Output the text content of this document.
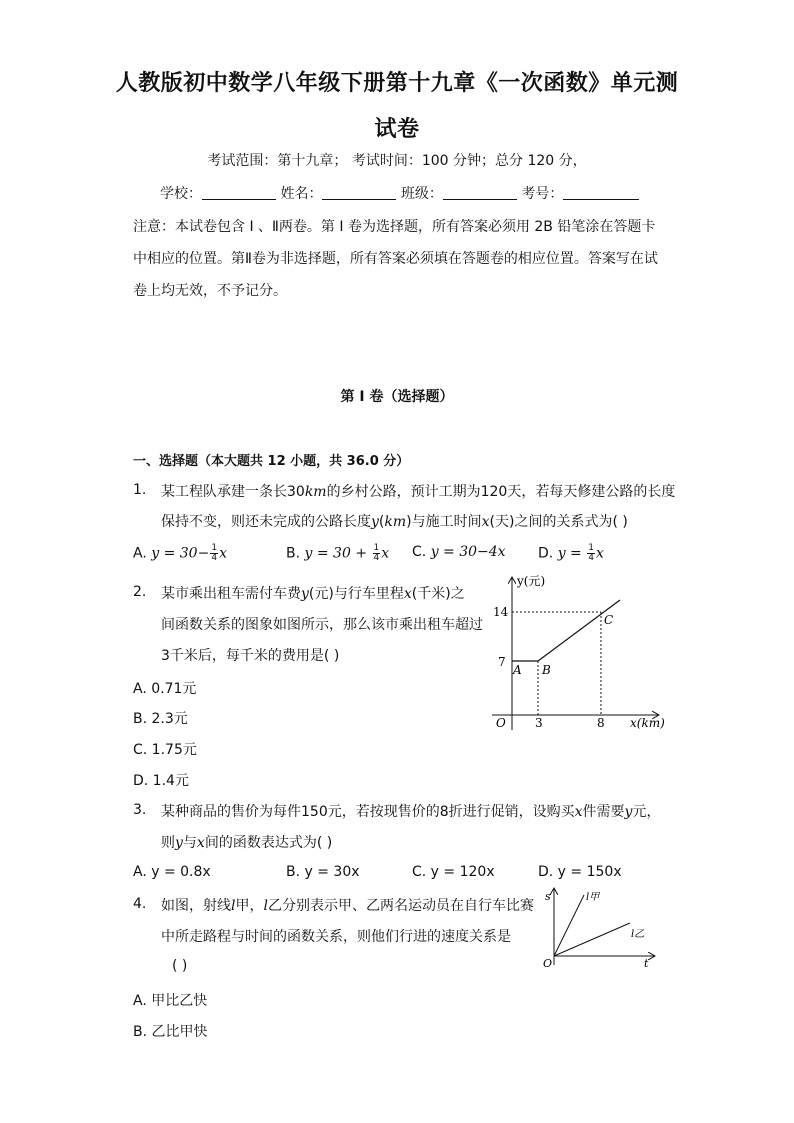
人教版初中数学八年级下册第十九章《一次函数》单元测
试卷
考试范围：第十九章； 考试时间：100 分钟；总分 120 分，
学校：	姓名：	班级：	考号：
注意：本试卷包含 Ⅰ 、Ⅱ两卷。第 Ⅰ 卷为选择题，所有答案必须用 2B 铅笔涂在答题卡
中相应的位置。第Ⅱ卷为非选择题，所有答案必须填在答题卷的相应位置。答案写在试
卷上均无效，不予记分。
第 Ⅰ 卷（选择题）
一、选择题（本大题共 12 小题，共 36.0 分）
1. 某工程队承建一条长30km的乡村公路，预计工期为120天，若每天修建公路的长度
保持不变，则还未完成的公路长度y(km)与施工时间x(天)之间的关系式为( )
A. $y = 30- \frac{1}{4}$ x	B. $y = 30 + \frac{1}{4}$ x C. y = 30−4x D. $y = \frac{1}{4}$ x
2. 某市乘出租车需付车费y(元)与行车里程x(千米)之
间函数关系的图象如图所示，那么该市乘出租车超过
3千米后，每千米的费用是( )
A. 0.71元
B. 2.3元
C. 1.75元
D. 1.4元
y(元)
x(km)
O
14
7
3	8
A B
C
3. 某种商品的售价为每件150元，若按现售价的8折进行促销，设购买x件需要y元，
则y与x间的函数表达式为( )
A. y = 0.8x	B. y = 30x	C. y = 120x	D. y = 150x
4. 如图，射线l甲，l乙分别表示甲、乙两名运动员在自行车比赛
中所走路程与时间的函数关系，则他们行进的速度关系是
( )
A. 甲比乙快
B. 乙比甲快
s
t
O
l甲
l乙
